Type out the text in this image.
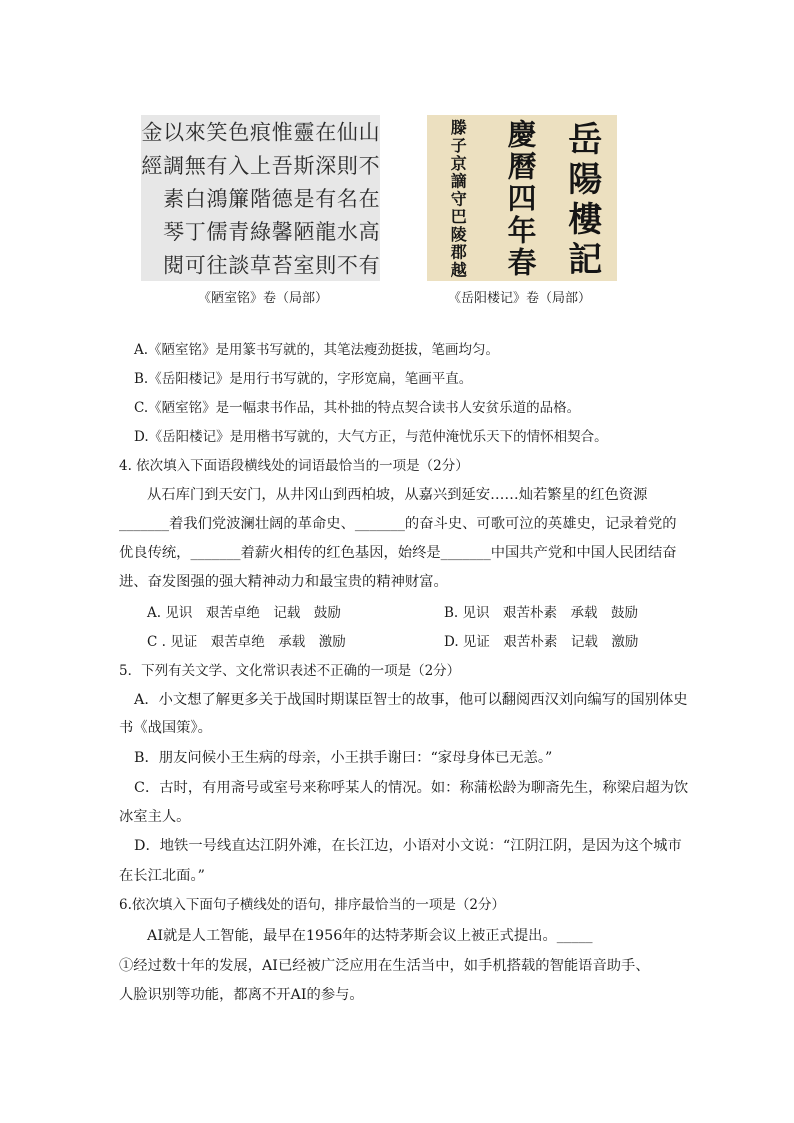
山
不
在
高
有
仙
則
名
水
不
在
深
有
龍
則
靈
斯
是
陋
室
惟
吾
德
馨
苔
痕
上
階
綠
草
色
入
簾
青
談
笑
有
鴻
儒
往
來
無
白
丁
可
以
調
素
琴
閱
金
經
《陋室铭》卷（局部）
岳
陽
樓
記
慶
曆
四
年
春
滕
子
京
謫
守
巴
陵
郡
越
《岳阳楼记》卷（局部）
A.《陋室铭》是用篆书写就的，其笔法瘦劲挺拔，笔画均匀。
B.《岳阳楼记》是用行书写就的，字形宽扁，笔画平直。
C.《陋室铭》是一幅隶书作品，其朴拙的特点契合读书人安贫乐道的品格。
D.《岳阳楼记》是用楷书写就的，大气方正，与范仲淹忧乐天下的情怀相契合。
4. 依次填入下面语段横线处的词语最恰当的一项是（2分）
从石库门到天安门，从井冈山到西柏坡，从嘉兴到延安……灿若繁星的红色资源
_______着我们党波澜壮阔的革命史、_______的奋斗史、可歌可泣的英雄史，记录着党的
优良传统，_______着薪火相传的红色基因，始终是_______中国共产党和中国人民团结奋
进、奋发图强的强大精神动力和最宝贵的精神财富。
A. 见识　艰苦卓绝　记载　鼓励	B. 见识　艰苦朴素　承载　鼓励
C . 见证　艰苦卓绝　承载　激励	D. 见证　艰苦朴素　记载　激励
5．下列有关文学、文化常识表述不正确的一项是（2分）
A．小文想了解更多关于战国时期谋臣智士的故事，他可以翻阅西汉刘向编写的国别体史
书《战国策》。
B．朋友问候小王生病的母亲，小王拱手谢曰：“家母身体已无恙。”
C．古时，有用斋号或室号来称呼某人的情况。如：称蒲松龄为聊斋先生，称梁启超为饮
冰室主人。
D．地铁一号线直达江阴外滩，在长江边，小语对小文说：“江阴江阴，是因为这个城市
在长江北面。”
6.依次填入下面句子横线处的语句，排序最恰当的一项是（2分）
AI就是人工智能，最早在1956年的达特茅斯会议上被正式提出。_____
①经过数十年的发展，AI已经被广泛应用在生活当中，如手机搭载的智能语音助手、
人脸识别等功能，都离不开AI的参与。
